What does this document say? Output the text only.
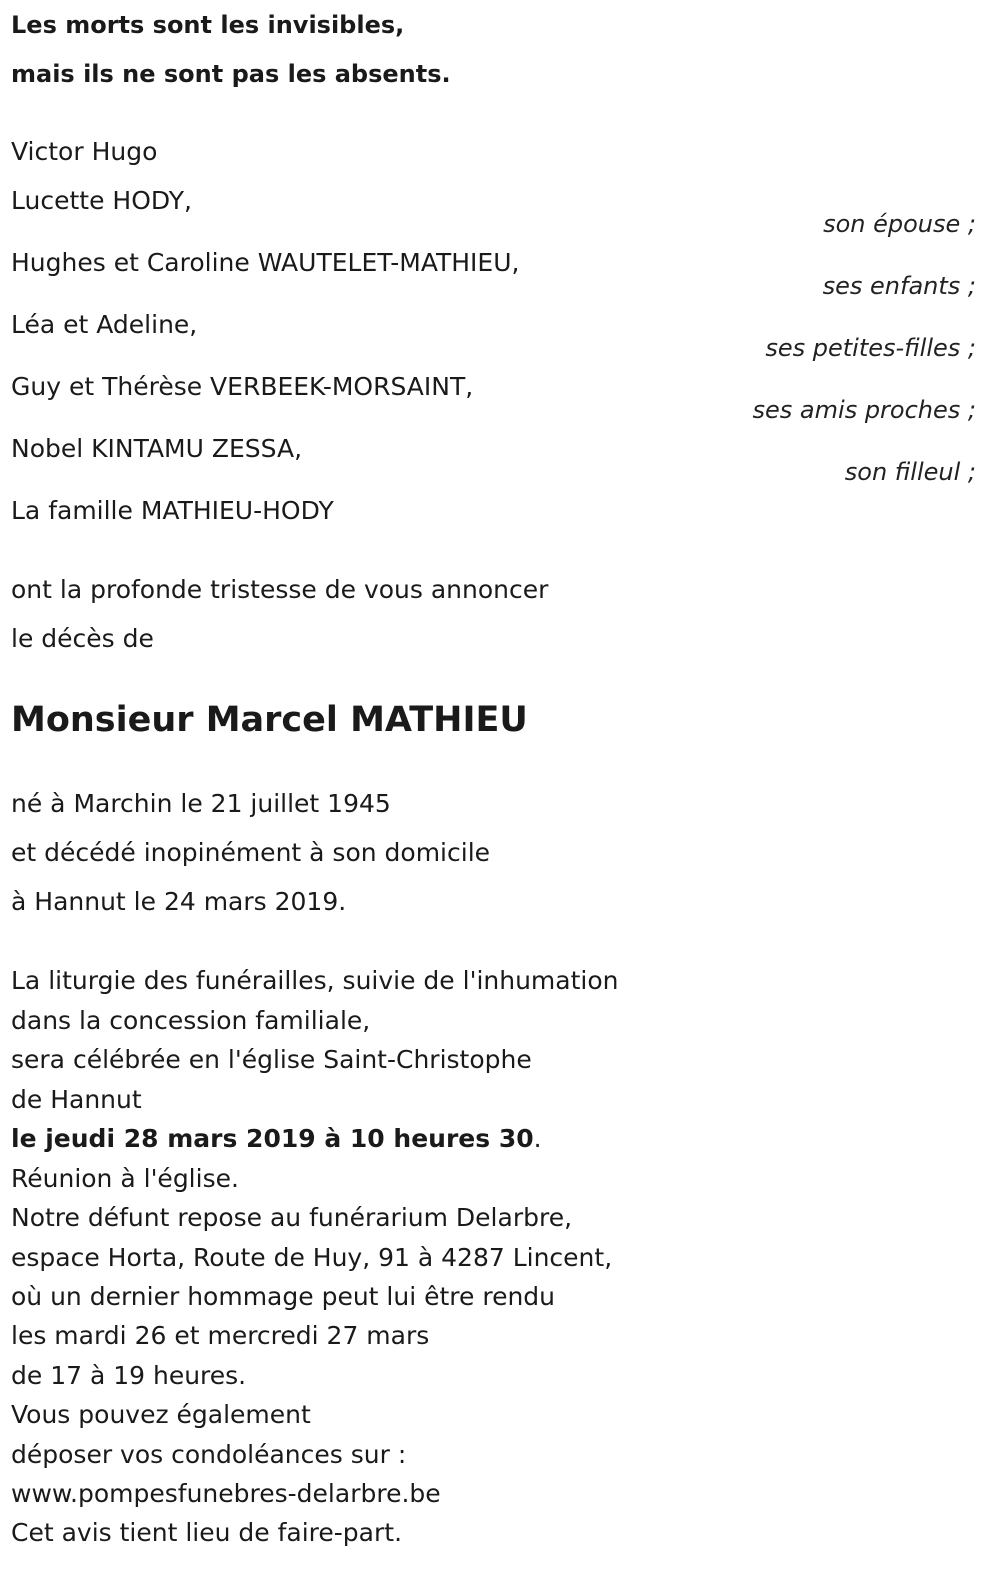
Les morts sont les invisibles,
mais ils ne sont pas les absents.
Victor Hugo
Lucette HODY,
Hughes et Caroline WAUTELET-MATHIEU,
Léa et Adeline,
Guy et Thérèse VERBEEK-MORSAINT,
Nobel KINTAMU ZESSA,
La famille MATHIEU-HODY
son épouse ;
ses enfants ;
ses petites-filles ;
ses amis proches ;
son filleul ;
ont la profonde tristesse de vous annoncer
le décès de
Monsieur Marcel MATHIEU
né à Marchin le 21 juillet 1945
et décédé inopinément à son domicile
à Hannut le 24 mars 2019.
La liturgie des funérailles, suivie de l'inhumation
dans la concession familiale,
sera célébrée en l'église Saint-Christophe
de Hannut
le jeudi 28 mars 2019 à 10 heures 30.
Réunion à l'église.
Notre défunt repose au funérarium Delarbre,
espace Horta, Route de Huy, 91 à 4287 Lincent,
où un dernier hommage peut lui être rendu
les mardi 26 et mercredi 27 mars
de 17 à 19 heures.
Vous pouvez également
déposer vos condoléances sur :
www.pompesfunebres-delarbre.be
Cet avis tient lieu de faire-part.
